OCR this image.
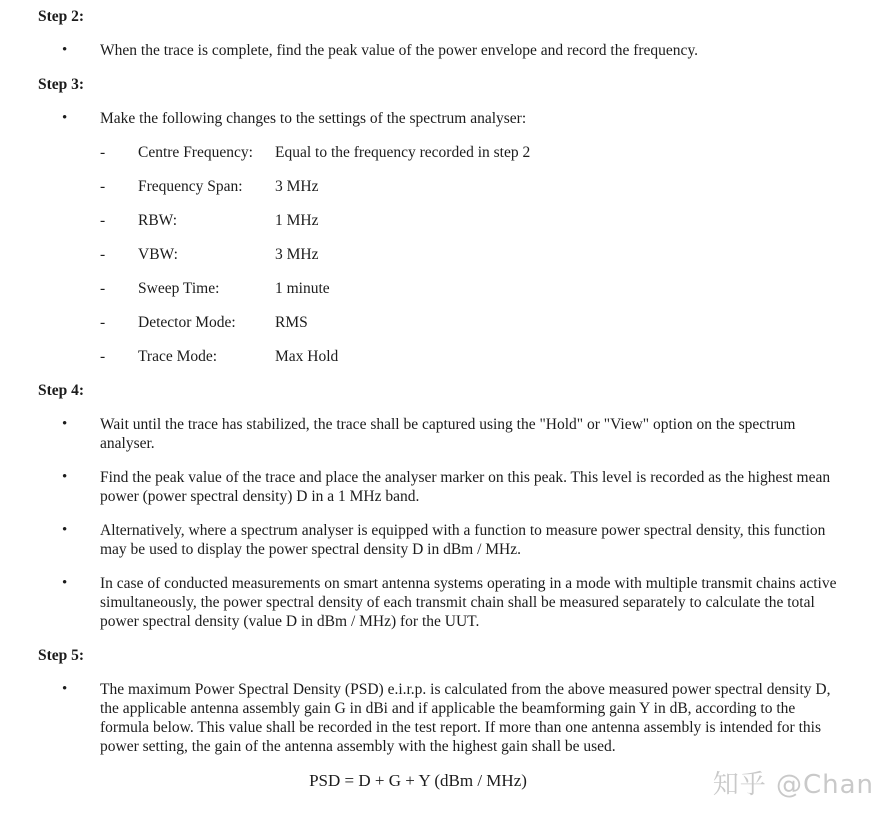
Step 2:
•	When the trace is complete, find the peak value of the power envelope and record the frequency.

Step 3:
•	Make the following changes to the settings of the spectrum analyser:

-	Centre Frequency:	Equal to the frequency recorded in step 2
-	Frequency Span:	3 MHz
-	RBW:	1 MHz
-	VBW:	3 MHz
-	Sweep Time:	1 minute
-	Detector Mode:	RMS
-	Trace Mode:	Max Hold
Step 4:
•	Wait until the trace has stabilized, the trace shall be captured using the "Hold" or "View" option on the spectrum analyser.

•	Find the peak value of the trace and place the analyser marker on this peak. This level is recorded as the highest mean power (power spectral density) D in a 1 MHz band.

•	Alternatively, where a spectrum analyser is equipped with a function to measure power spectral density, this function may be used to display the power spectral density D in dBm / MHz.

•	In case of conducted measurements on smart antenna systems operating in a mode with multiple transmit chains active simultaneously, the power spectral density of each transmit chain shall be measured separately to calculate the total power spectral density (value D in dBm / MHz) for the UUT.

Step 5:
•	The maximum Power Spectral Density (PSD) e.i.r.p. is calculated from the above measured power spectral density D, the applicable antenna assembly gain G in dBi and if applicable the beamforming gain Y in dB, according to the formula below. This value shall be recorded in the test report. If more than one antenna assembly is intended for this power setting, the gain of the antenna assembly with the highest gain shall be used.

PSD = D + G + Y (dBm / MHz)	知乎 @Chan
